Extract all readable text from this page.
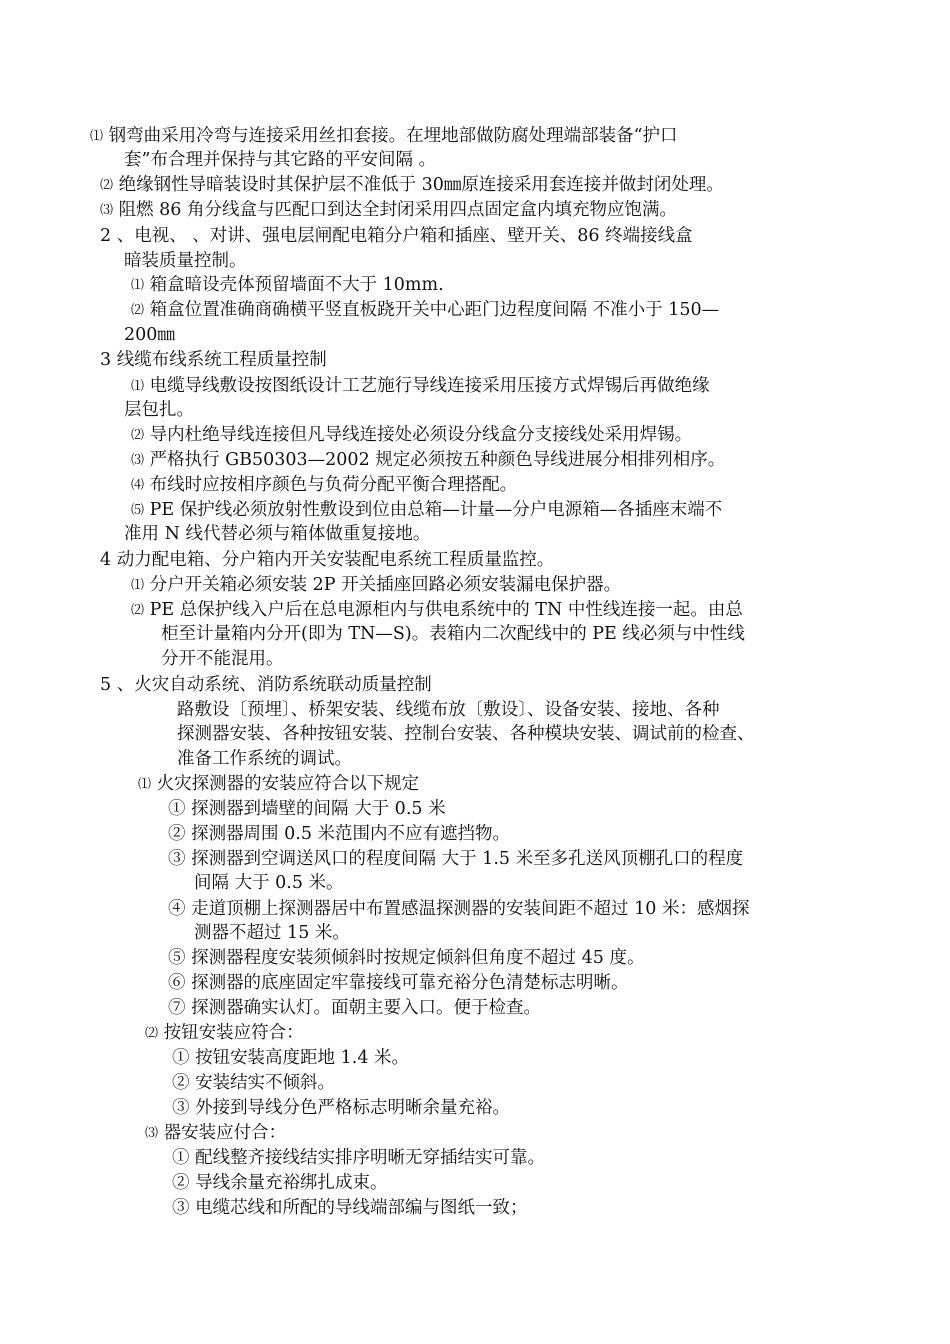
⑴ 钢弯曲采用冷弯与连接采用丝扣套接。在埋地部做防腐处理端部装备“护口

套”布合理并保持与其它路的平安间隔 。

⑵ 绝缘钢性导暗装设时其保护层不准低于 30㎜原连接采用套连接并做封闭处理。

⑶ 阻燃 86 角分线盒与匹配口到达全封闭采用四点固定盒内填充物应饱满。

2 、电视、 、对讲、强电层闸配电箱分户箱和插座、壁开关、86 终端接线盒

暗装质量控制。

⑴ 箱盒暗设壳体预留墙面不大于 10mm.

⑵ 箱盒位置准确商确横平竖直板跷开关中心距门边程度间隔 不准小于 150—

200㎜

3 线缆布线系统工程质量控制

⑴ 电缆导线敷设按图纸设计工艺施行导线连接采用压接方式焊锡后再做绝缘

层包扎。

⑵ 导内杜绝导线连接但凡导线连接处必须设分线盒分支接线处采用焊锡。

⑶ 严格执行 GB50303—2002 规定必须按五种颜色导线进展分相排列相序。

⑷ 布线时应按相序颜色与负荷分配平衡合理搭配。

⑸ PE 保护线必须放射性敷设到位由总箱—计量—分户电源箱—各插座末端不

准用 N 线代替必须与箱体做重复接地。

4 动力配电箱、分户箱内开关安装配电系统工程质量监控。

⑴ 分户开关箱必须安装 2P 开关插座回路必须安装漏电保护器。

⑵ PE 总保护线入户后在总电源柜内与供电系统中的 TN 中性线连接一起。由总

柜至计量箱内分开(即为 TN—S)。表箱内二次配线中的 PE 线必须与中性线

分开不能混用。

5 、火灾自动系统、消防系统联动质量控制

路敷设〔预埋〕、桥架安装、线缆布放〔敷设〕、设备安装、接地、各种

探测器安装、各种按钮安装、控制台安装、各种模块安装、调试前的检查、

准备工作系统的调试。

⑴ 火灾探测器的安装应符合以下规定

① 探测器到墙壁的间隔 大于 0.5 米

② 探测器周围 0.5 米范围内不应有遮挡物。

③ 探测器到空调送风口的程度间隔 大于 1.5 米至多孔送风顶棚孔口的程度

间隔 大于 0.5 米。

④ 走道顶棚上探测器居中布置感温探测器的安装间距不超过 10 米：感烟探

测器不超过 15 米。

⑤ 探测器程度安装须倾斜时按规定倾斜但角度不超过 45 度。

⑥ 探测器的底座固定牢靠接线可靠充裕分色清楚标志明晰。

⑦ 探测器确实认灯。面朝主要入口。便于检查。

⑵ 按钮安装应符合：

① 按钮安装高度距地 1.4 米。

② 安装结实不倾斜。

③ 外接到导线分色严格标志明晰余量充裕。

⑶ 器安装应付合：

① 配线整齐接线结实排序明晰无穿插结实可靠。

② 导线余量充裕绑扎成束。

③ 电缆芯线和所配的导线端部编与图纸一致；
